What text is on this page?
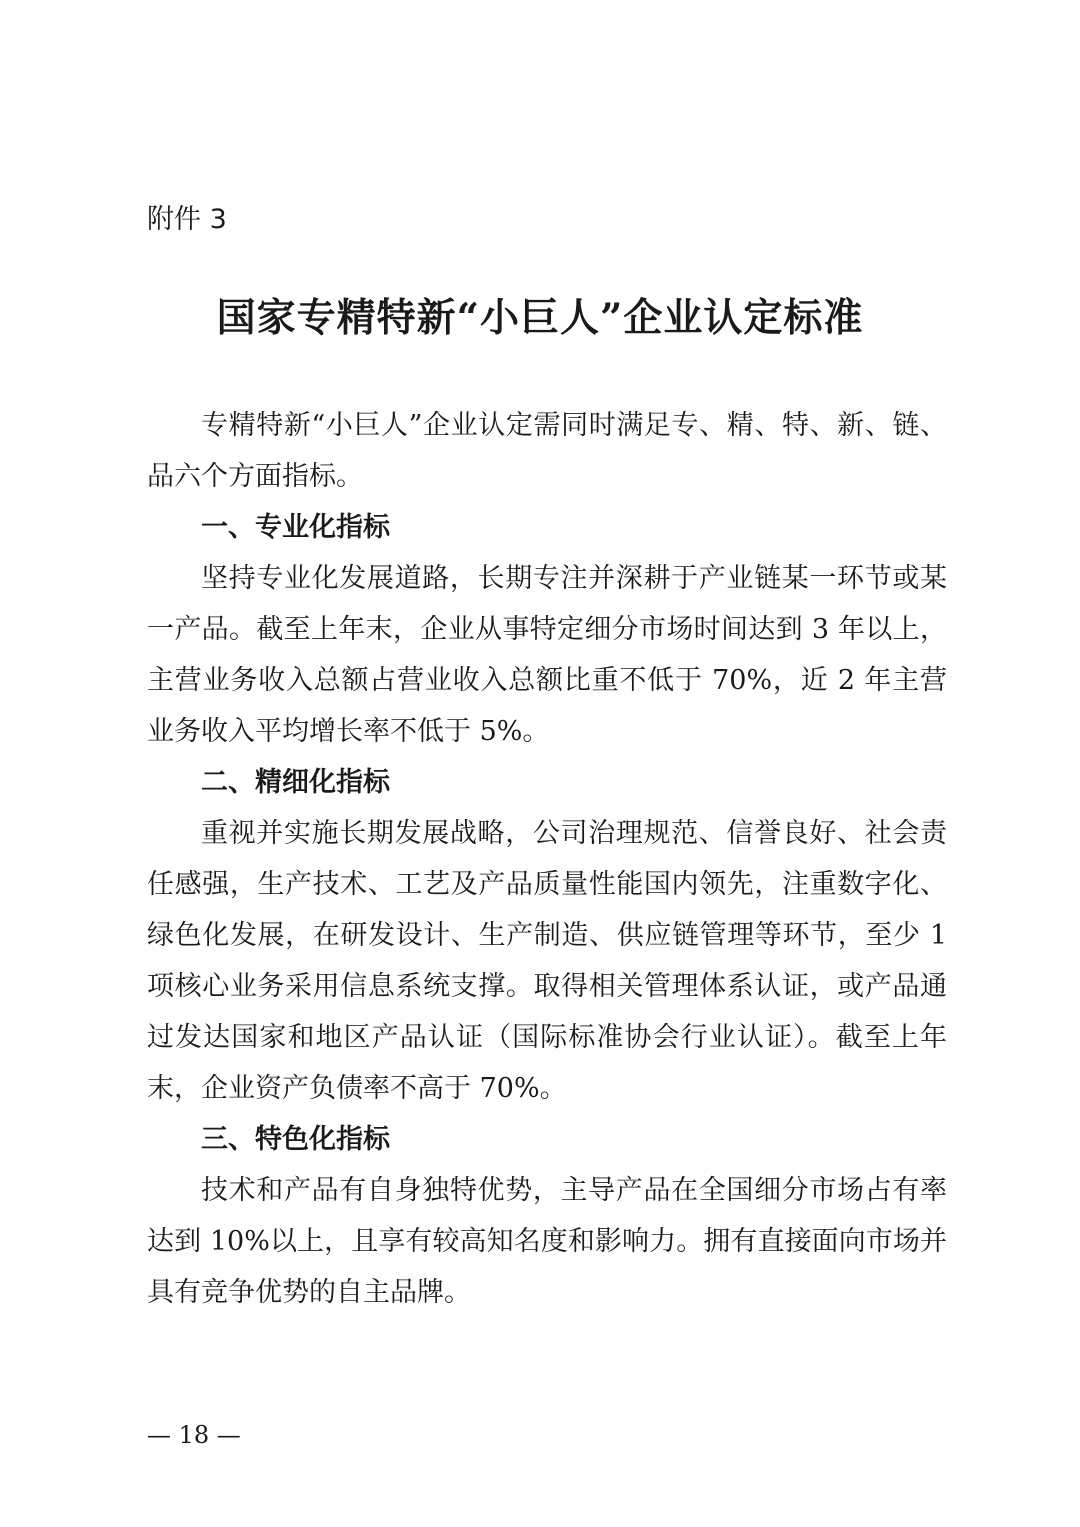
附件 3

国家专精特新“小巨人”企业认定标准

专精特新“小巨人”企业认定需同时满足专、精、特、新、链、品六个方面指标。

一、专业化指标

坚持专业化发展道路，长期专注并深耕于产业链某一环节或某一产品。截至上年末，企业从事特定细分市场时间达到 3 年以上，主营业务收入总额占营业收入总额比重不低于 70%，近 2 年主营业务收入平均增长率不低于 5%。

二、精细化指标

重视并实施长期发展战略，公司治理规范、信誉良好、社会责任感强，生产技术、工艺及产品质量性能国内领先，注重数字化、绿色化发展，在研发设计、生产制造、供应链管理等环节，至少 1 项核心业务采用信息系统支撑。取得相关管理体系认证，或产品通过发达国家和地区产品认证（国际标准协会行业认证）。截至上年末，企业资产负债率不高于 70%。

三、特色化指标

技术和产品有自身独特优势，主导产品在全国细分市场占有率达到 10%以上，且享有较高知名度和影响力。拥有直接面向市场并具有竞争优势的自主品牌。

— 18 —
